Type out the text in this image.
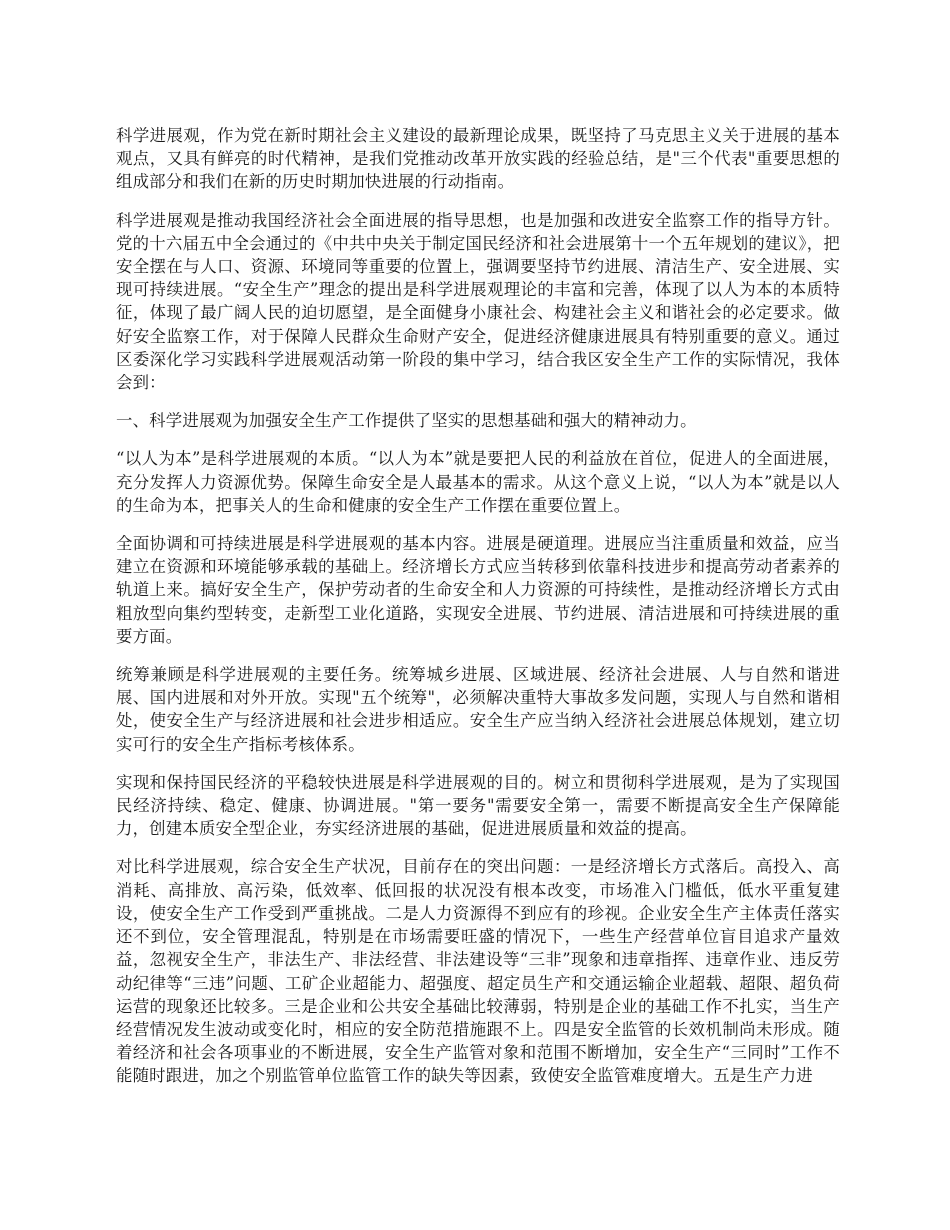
科学进展观，作为党在新时期社会主义建设的最新理论成果，既坚持了马克思主义关于进展的基本观点，又具有鲜亮的时代精神，是我们党推动改革开放实践的经验总结，是"三个代表"重要思想的组成部分和我们在新的历史时期加快进展的行动指南。

科学进展观是推动我国经济社会全面进展的指导思想，也是加强和改进安全监察工作的指导方针。党的十六届五中全会通过的《中共中央关于制定国民经济和社会进展第十一个五年规划的建议》，把安全摆在与人口、资源、环境同等重要的位置上，强调要坚持节约进展、清洁生产、安全进展、实现可持续进展。“安全生产”理念的提出是科学进展观理论的丰富和完善，体现了以人为本的本质特征，体现了最广阔人民的迫切愿望，是全面健身小康社会、构建社会主义和谐社会的必定要求。做好安全监察工作，对于保障人民群众生命财产安全，促进经济健康进展具有特别重要的意义。通过区委深化学习实践科学进展观活动第一阶段的集中学习，结合我区安全生产工作的实际情况，我体会到：

一、科学进展观为加强安全生产工作提供了坚实的思想基础和强大的精神动力。

“以人为本”是科学进展观的本质。“以人为本”就是要把人民的利益放在首位，促进人的全面进展，充分发挥人力资源优势。保障生命安全是人最基本的需求。从这个意义上说，“以人为本”就是以人的生命为本，把事关人的生命和健康的安全生产工作摆在重要位置上。

全面协调和可持续进展是科学进展观的基本内容。进展是硬道理。进展应当注重质量和效益，应当建立在资源和环境能够承载的基础上。经济增长方式应当转移到依靠科技进步和提高劳动者素养的轨道上来。搞好安全生产，保护劳动者的生命安全和人力资源的可持续性，是推动经济增长方式由粗放型向集约型转变，走新型工业化道路，实现安全进展、节约进展、清洁进展和可持续进展的重要方面。

统筹兼顾是科学进展观的主要任务。统筹城乡进展、区域进展、经济社会进展、人与自然和谐进展、国内进展和对外开放。实现"五个统筹"，必须解决重特大事故多发问题，实现人与自然和谐相处，使安全生产与经济进展和社会进步相适应。安全生产应当纳入经济社会进展总体规划，建立切实可行的安全生产指标考核体系。

实现和保持国民经济的平稳较快进展是科学进展观的目的。树立和贯彻科学进展观，是为了实现国民经济持续、稳定、健康、协调进展。"第一要务"需要安全第一，需要不断提高安全生产保障能力，创建本质安全型企业，夯实经济进展的基础，促进进展质量和效益的提高。

对比科学进展观，综合安全生产状况，目前存在的突出问题：一是经济增长方式落后。高投入、高消耗、高排放、高污染，低效率、低回报的状况没有根本改变，市场准入门槛低，低水平重复建设，使安全生产工作受到严重挑战。二是人力资源得不到应有的珍视。企业安全生产主体责任落实还不到位，安全管理混乱，特别是在市场需要旺盛的情况下，一些生产经营单位盲目追求产量效益，忽视安全生产，非法生产、非法经营、非法建设等“三非”现象和违章指挥、违章作业、违反劳动纪律等“三违”问题、工矿企业超能力、超强度、超定员生产和交通运输企业超载、超限、超负荷运营的现象还比较多。三是企业和公共安全基础比较薄弱，特别是企业的基础工作不扎实，当生产经营情况发生波动或变化时，相应的安全防范措施跟不上。四是安全监管的长效机制尚未形成。随着经济和社会各项事业的不断进展，安全生产监管对象和范围不断增加，安全生产“三同时”工作不能随时跟进，加之个别监管单位监管工作的缺失等因素，致使安全监管难度增大。五是生产力进
